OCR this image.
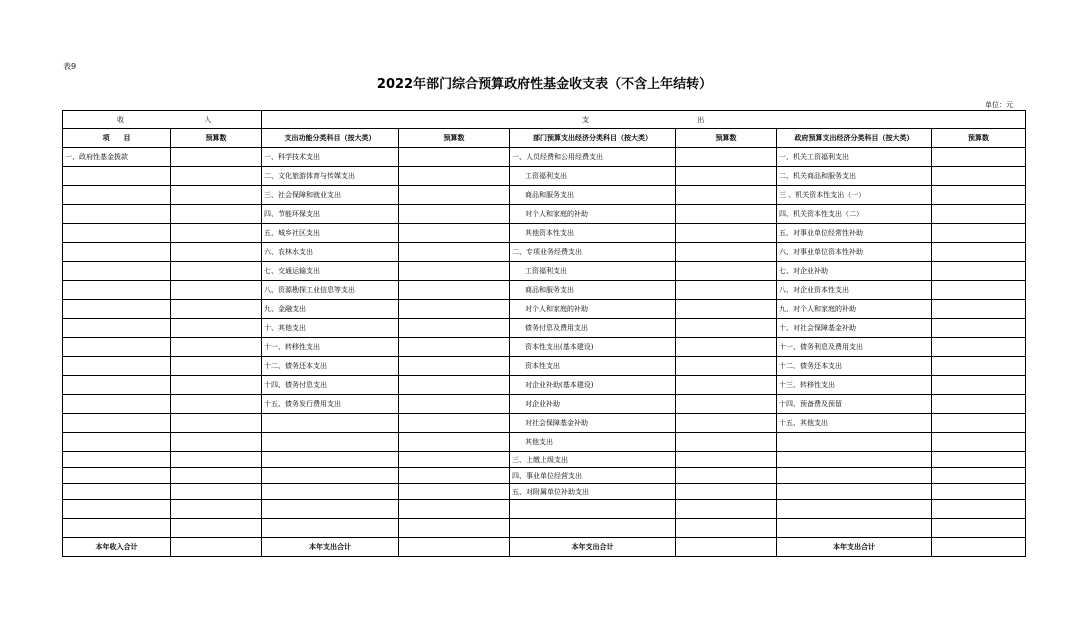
表9
2022年部门综合预算政府性基金收支表（不含上年结转）
单位：元
收 入		支 出					
项　　目	预算数	支出功能分类科目（按大类）	预算数	部门预算支出经济分类科目（按大类）	预算数	政府预算支出经济分类科目（按大类）	预算数
一、政府性基金拨款		一、科学技术支出		一、人员经费和公用经费支出		一、机关工资福利支出	
		二、文化旅游体育与传媒支出		工资福利支出		二、机关商品和服务支出	
		三、社会保障和就业支出		商品和服务支出		三 、机关资本性支出（一）	
		四、节能环保支出		对个人和家庭的补助		四、机关资本性支出（二）	
		五、城乡社区支出		其他资本性支出		五、对事业单位经常性补助	
		六、农林水支出		二、专项业务经费支出		六、对事业单位资本性补助	
		七、交通运输支出		工资福利支出		七、对企业补助	
		八、资源勘探工业信息等支出		商品和服务支出		八、对企业资本性支出	
		九、金融支出		对个人和家庭的补助		九、对个人和家庭的补助	
		十、其他支出		债务付息及费用支出		十、对社会保障基金补助	
		十一、转移性支出		资本性支出(基本建设)		十一、债务利息及费用支出	
		十二、债务还本支出		资本性支出		十二、债务还本支出	
		十四、债务付息支出		对企业补助(基本建设)		十三、转移性支出	
		十五、债务发行费用支出		对企业补助		十四、预备费及预留	
				对社会保障基金补助		十五、其他支出	
				其他支出			
				三、上缴上级支出			
				四、事业单位经营支出			
				五、对附属单位补助支出			

本年收入合计		本年支出合计		本年支出合计		本年支出合计	
